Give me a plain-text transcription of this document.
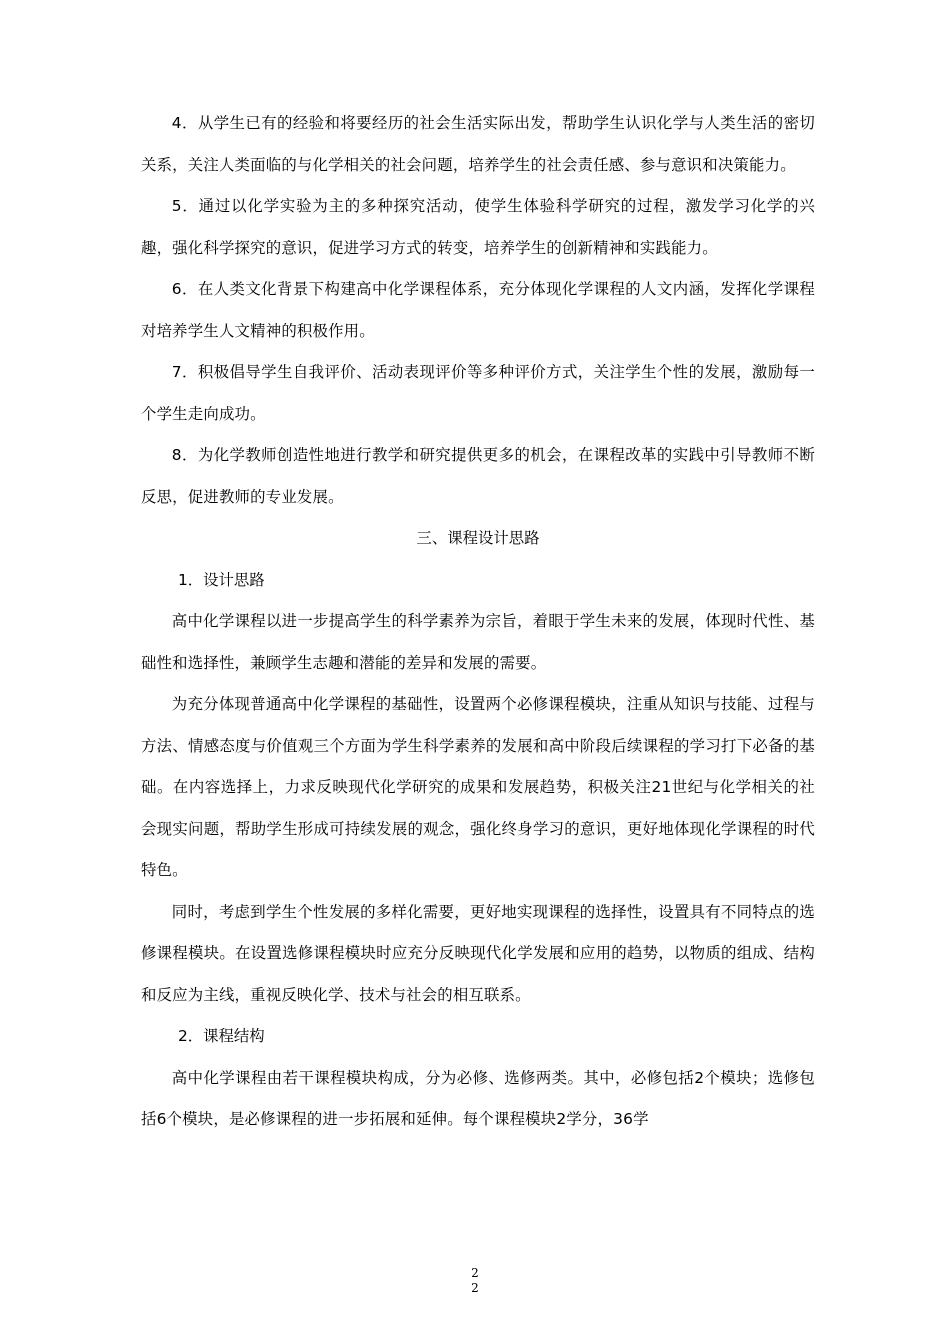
4．从学生已有的经验和将要经历的社会生活实际出发，帮助学生认识化学与人类生活的密切关系，关注人类面临的与化学相关的社会问题，培养学生的社会责任感、参与意识和决策能力。

5．通过以化学实验为主的多种探究活动，使学生体验科学研究的过程，激发学习化学的兴趣，强化科学探究的意识，促进学习方式的转变，培养学生的创新精神和实践能力。

6．在人类文化背景下构建高中化学课程体系，充分体现化学课程的人文内涵，发挥化学课程对培养学生人文精神的积极作用。

7．积极倡导学生自我评价、活动表现评价等多种评价方式，关注学生个性的发展，激励每一个学生走向成功。

8．为化学教师创造性地进行教学和研究提供更多的机会，在课程改革的实践中引导教师不断反思，促进教师的专业发展。

三、课程设计思路

1．设计思路

高中化学课程以进一步提高学生的科学素养为宗旨，着眼于学生未来的发展，体现时代性、基础性和选择性，兼顾学生志趣和潜能的差异和发展的需要。

为充分体现普通高中化学课程的基础性，设置两个必修课程模块，注重从知识与技能、过程与方法、情感态度与价值观三个方面为学生科学素养的发展和高中阶段后续课程的学习打下必备的基础。在内容选择上，力求反映现代化学研究的成果和发展趋势，积极关注21世纪与化学相关的社会现实问题，帮助学生形成可持续发展的观念，强化终身学习的意识，更好地体现化学课程的时代特色。

同时，考虑到学生个性发展的多样化需要，更好地实现课程的选择性，设置具有不同特点的选修课程模块。在设置选修课程模块时应充分反映现代化学发展和应用的趋势，以物质的组成、结构和反应为主线，重视反映化学、技术与社会的相互联系。

2．课程结构

高中化学课程由若干课程模块构成，分为必修、选修两类。其中，必修包括2个模块；选修包括6个模块，是必修课程的进一步拓展和延伸。每个课程模块2学分，36学

2
2
